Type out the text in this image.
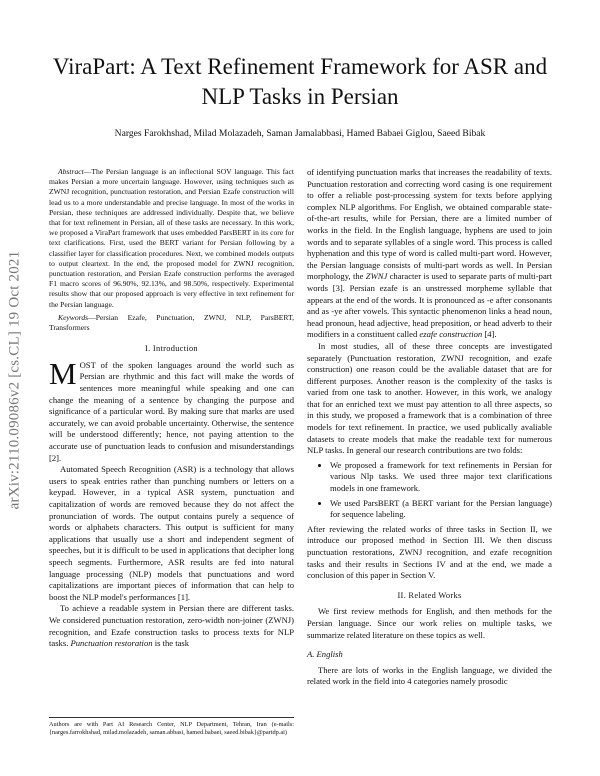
arXiv:2110.09086v2 [cs.CL] 19 Oct 2021
ViraPart: A Text Refinement Framework for ASR and NLP Tasks in Persian
Narges Farokhshad, Milad Molazadeh, Saman Jamalabbasi, Hamed Babaei Giglou, Saeed Bibak

Abstract—The Persian language is an inflectional SOV language. This fact makes Persian a more uncertain language. However, using techniques such as ZWNJ recognition, punctuation restoration, and Persian Ezafe construction will lead us to a more understandable and precise language. In most of the works in Persian, these techniques are addressed individually. Despite that, we believe that for text refinement in Persian, all of these tasks are necessary. In this work, we proposed a ViraPart framework that uses embedded ParsBERT in its core for text clarifications. First, used the BERT variant for Persian following by a classifier layer for classification procedures. Next, we combined models outputs to output cleartext. In the end, the proposed model for ZWNJ recognition, punctuation restoration, and Persian Ezafe construction performs the averaged F1 macro scores of 96.90%, 92.13%, and 98.50%, respectively. Experimental results show that our proposed approach is very effective in text refinement for the Persian language.

Keywords—Persian Ezafe, Punctuation, ZWNJ, NLP, ParsBERT, Transformers

I. Introduction

MOST of the spoken languages around the world such as Persian are rhythmic and this fact will make the words of sentences more meaningful while speaking and one can change the meaning of a sentence by changing the purpose and significance of a particular word. By making sure that marks are used accurately, we can avoid probable uncertainty. Otherwise, the sentence will be understood differently; hence, not paying attention to the accurate use of punctuation leads to confusion and misunderstandings [2].

Automated Speech Recognition (ASR) is a technology that allows users to speak entries rather than punching numbers or letters on a keypad. However, in a typical ASR system, punctuation and capitalization of words are removed because they do not affect the pronunciation of words. The output contains purely a sequence of words or alphabets characters. This output is sufficient for many applications that usually use a short and independent segment of speeches, but it is difficult to be used in applications that decipher long speech segments. Furthermore, ASR results are fed into natural language processing (NLP) models that punctuations and word capitalizations are important pieces of information that can help to boost the NLP model's performances [1].

To achieve a readable system in Persian there are different tasks. We considered punctuation restoration, zero-width non-joiner (ZWNJ) recognition, and Ezafe construction tasks to process texts for NLP tasks. Punctuation restoration is the task

Authors are with Part AI Research Center, NLP Department, Tehran, Iran (e-mails:{narges.farrokhshad, milad.molazadeh, saman.abbasi, hamed.babaei, saeed.bibak}@partdp.ai)

of identifying punctuation marks that increases the readability of texts. Punctuation restoration and correcting word casing is one requirement to offer a reliable post-processing system for texts before applying complex NLP algorithms. For English, we obtained comparable state-of-the-art results, while for Persian, there are a limited number of works in the field. In the English language, hyphens are used to join words and to separate syllables of a single word. This process is called hyphenation and this type of word is called multi-part word. However, the Persian language consists of multi-part words as well. In Persian morphology, the ZWNJ character is used to separate parts of multi-part words [3]. Persian ezafe is an unstressed morpheme syllable that appears at the end of the words. It is pronounced as -e after consonants and as -ye after vowels. This syntactic phenomenon links a head noun, head pronoun, head adjective, head preposition, or head adverb to their modifiers in a constituent called ezafe construction [4].

In most studies, all of these three concepts are investigated separately (Punctuation restoration, ZWNJ recognition, and ezafe construction) one reason could be the avaliable dataset that are for different purposes. Another reason is the complexity of the tasks is varied from one task to another. However, in this work, we analogy that for an enriched text we must pay attention to all three aspects, so in this study, we proposed a framework that is a combination of three models for text refinement. In practice, we used publically avaliable datasets to create models that make the readable text for numerous NLP tasks. In general our research contributions are two folds:

• We proposed a framework for text refinements in Persian for various Nlp tasks. We used three major text clarifications models in one framework.
• We used ParsBERT (a BERT variant for the Persian language) for sequence labeling.

After reviewing the related works of three tasks in Section II, we introduce our proposed method in Section III. We then discuss punctuation restorations, ZWNJ recognition, and ezafe recognition tasks and their results in Sections IV and at the end, we made a conclusion of this paper in Section V.

II. Related Works

We first review methods for English, and then methods for the Persian language. Since our work relies on multiple tasks, we summarize related literature on these topics as well.

A. English

There are lots of works in the English language, we divided the related work in the field into 4 categories namely prosodic
